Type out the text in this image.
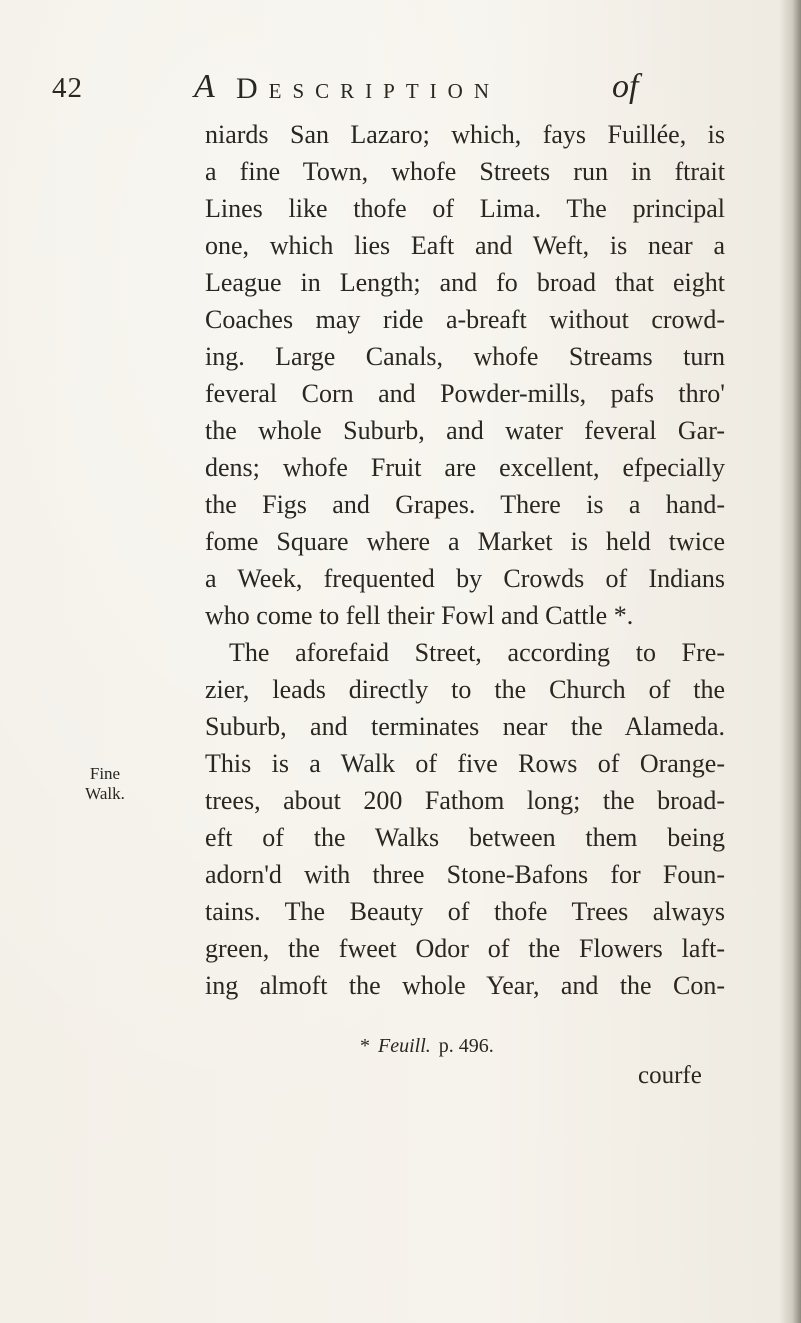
42	A Description	of
Fine
Walk.
niards San Lazaro; which, fays Fuillée, is
a fine Town, whofe Streets run in ftrait
Lines like thofe of Lima. The principal
one, which lies Eaft and Weft, is near a
League in Length; and fo broad that eight
Coaches may ride a-breaft without crowd-
ing. Large Canals, whofe Streams turn
feveral Corn and Powder-mills, pafs thro'
the whole Suburb, and water feveral Gar-
dens; whofe Fruit are excellent, efpecially
the Figs and Grapes. There is a hand-
fome Square where a Market is held twice
a Week, frequented by Crowds of Indians
who come to fell their Fowl and Cattle *.
The aforefaid Street, according to Fre-
zier, leads directly to the Church of the
Suburb, and terminates near the Alameda.
This is a Walk of five Rows of Orange-
trees, about 200 Fathom long; the broad-
eft of the Walks between them being
adorn'd with three Stone-Bafons for Foun-
tains. The Beauty of thofe Trees always
green, the fweet Odor of the Flowers laft-
ing almoft the whole Year, and the Con-
* Feuill. p. 496.
courfe
